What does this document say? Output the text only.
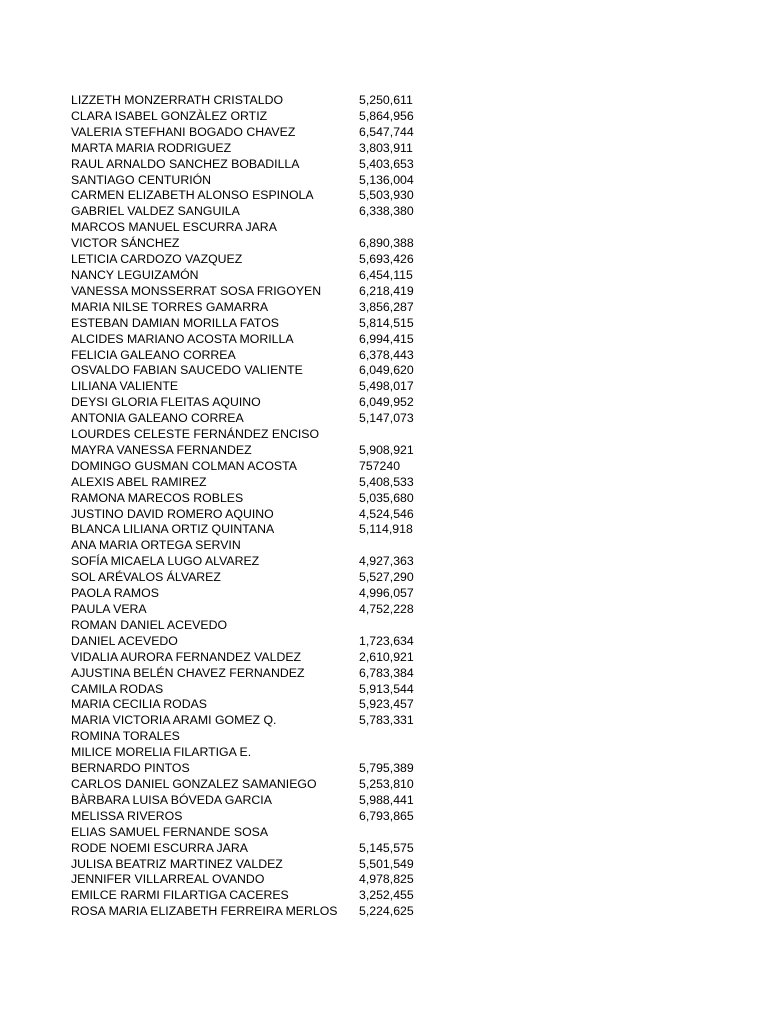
LIZZETH MONZERRATH CRISTALDO	5,250,611
CLARA ISABEL GONZÀLEZ ORTIZ	5,864,956
VALERIA STEFHANI BOGADO CHAVEZ	6,547,744
MARTA MARIA RODRIGUEZ	3,803,911
RAUL ARNALDO SANCHEZ BOBADILLA	5,403,653
SANTIAGO CENTURIÓN	5,136,004
CARMEN ELIZABETH ALONSO ESPINOLA	5,503,930
GABRIEL VALDEZ SANGUILA	6,338,380
MARCOS MANUEL ESCURRA JARA
VICTOR SÁNCHEZ	6,890,388
LETICIA CARDOZO VAZQUEZ	5,693,426
NANCY LEGUIZAMÓN	6,454,115
VANESSA MONSSERRAT SOSA FRIGOYEN	6,218,419
MARIA NILSE TORRES GAMARRA	3,856,287
ESTEBAN DAMIAN MORILLA FATOS	5,814,515
ALCIDES MARIANO ACOSTA MORILLA	6,994,415
FELICIA GALEANO CORREA	6,378,443
OSVALDO FABIAN SAUCEDO VALIENTE	6,049,620
LILIANA VALIENTE	5,498,017
DEYSI GLORIA FLEITAS AQUINO	6,049,952
ANTONIA GALEANO CORREA	5,147,073
LOURDES CELESTE FERNÁNDEZ ENCISO
MAYRA VANESSA FERNANDEZ	5,908,921
DOMINGO GUSMAN COLMAN ACOSTA	757240
ALEXIS ABEL RAMIREZ	5,408,533
RAMONA MARECOS ROBLES	5,035,680
JUSTINO DAVID ROMERO AQUINO	4,524,546
BLANCA LILIANA ORTIZ QUINTANA	5,114,918
ANA MARIA ORTEGA SERVIN
SOFÍA MICAELA LUGO ALVAREZ	4,927,363
SOL ARÉVALOS ÁLVAREZ	5,527,290
PAOLA RAMOS	4,996,057
PAULA VERA	4,752,228
ROMAN DANIEL ACEVEDO
DANIEL ACEVEDO	1,723,634
VIDALIA AURORA FERNANDEZ VALDEZ	2,610,921
AJUSTINA BELÉN CHAVEZ FERNANDEZ	6,783,384
CAMILA RODAS	5,913,544
MARIA CECILIA RODAS	5,923,457
MARIA VICTORIA ARAMI GOMEZ Q.	5,783,331
ROMINA TORALES
MILICE MORELIA FILARTIGA E.
BERNARDO PINTOS	5,795,389
CARLOS DANIEL GONZALEZ SAMANIEGO	5,253,810
BÀRBARA LUISA BÓVEDA GARCIA	5,988,441
MELISSA RIVEROS	6,793,865
ELIAS SAMUEL FERNANDE SOSA
RODE NOEMI ESCURRA JARA	5,145,575
JULISA BEATRIZ MARTINEZ VALDEZ	5,501,549
JENNIFER VILLARREAL OVANDO	4,978,825
EMILCE RARMI FILARTIGA CACERES	3,252,455
ROSA MARIA ELIZABETH FERREIRA MERLOS	5,224,625
